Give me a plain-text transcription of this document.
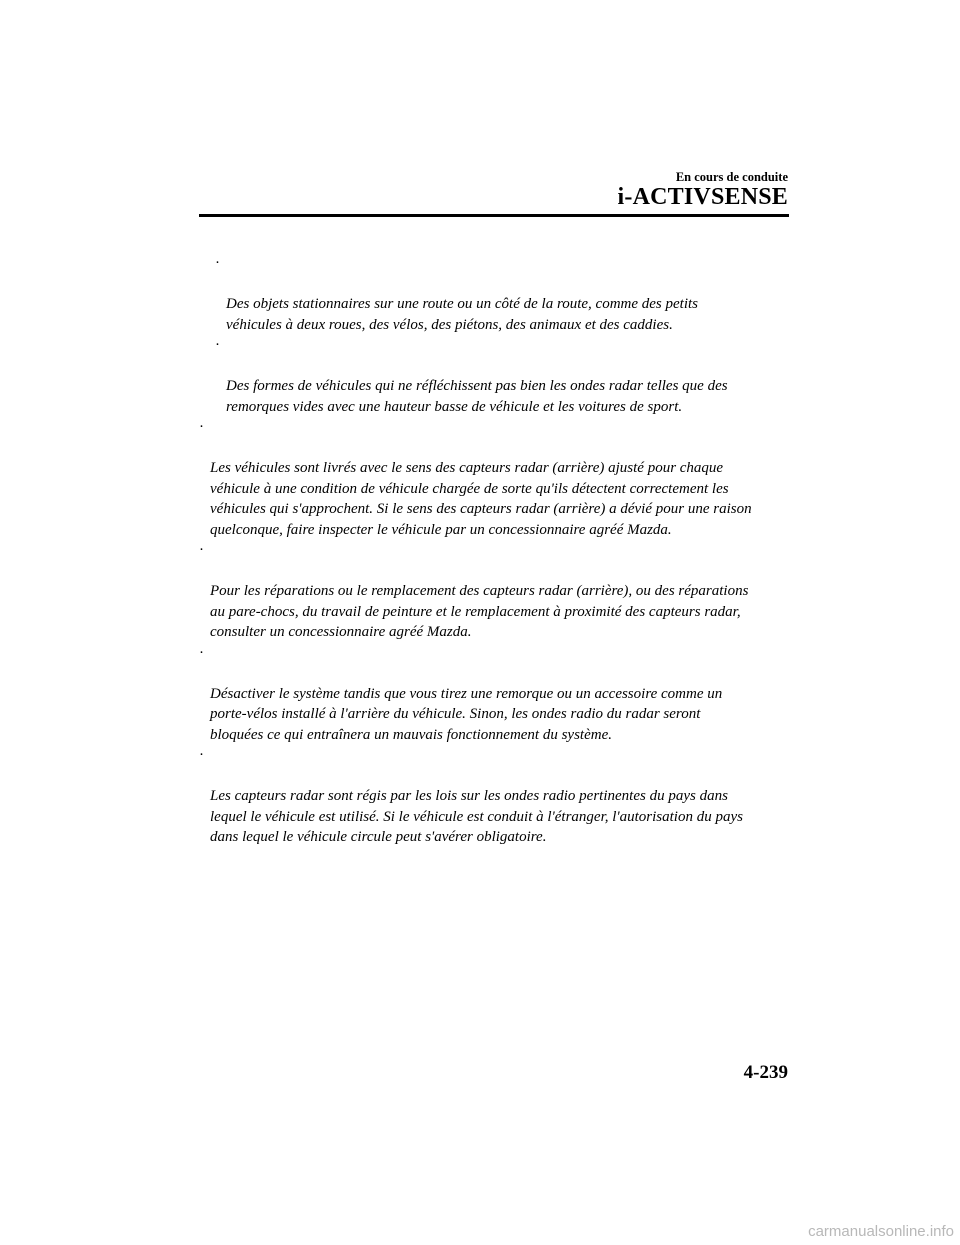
En cours de conduite
i-ACTIVSENSE

·

Des objets stationnaires sur une route ou un côté de la route, comme des petits
véhicules à deux roues, des vélos, des piétons, des animaux et des caddies.

·

Des formes de véhicules qui ne réfléchissent pas bien les ondes radar telles que des
remorques vides avec une hauteur basse de véhicule et les voitures de sport.

·

Les véhicules sont livrés avec le sens des capteurs radar (arrière) ajusté pour chaque
véhicule à une condition de véhicule chargée de sorte qu'ils détectent correctement les
véhicules qui s'approchent. Si le sens des capteurs radar (arrière) a dévié pour une raison
quelconque, faire inspecter le véhicule par un concessionnaire agréé Mazda.

·

Pour les réparations ou le remplacement des capteurs radar (arrière), ou des réparations
au pare-chocs, du travail de peinture et le remplacement à proximité des capteurs radar,
consulter un concessionnaire agréé Mazda.

·

Désactiver le système tandis que vous tirez une remorque ou un accessoire comme un
porte-vélos installé à l'arrière du véhicule. Sinon, les ondes radio du radar seront
bloquées ce qui entraînera un mauvais fonctionnement du système.

·

Les capteurs radar sont régis par les lois sur les ondes radio pertinentes du pays dans
lequel le véhicule est utilisé. Si le véhicule est conduit à l'étranger, l'autorisation du pays
dans lequel le véhicule circule peut s'avérer obligatoire.

4-239
carmanualsonline.info
